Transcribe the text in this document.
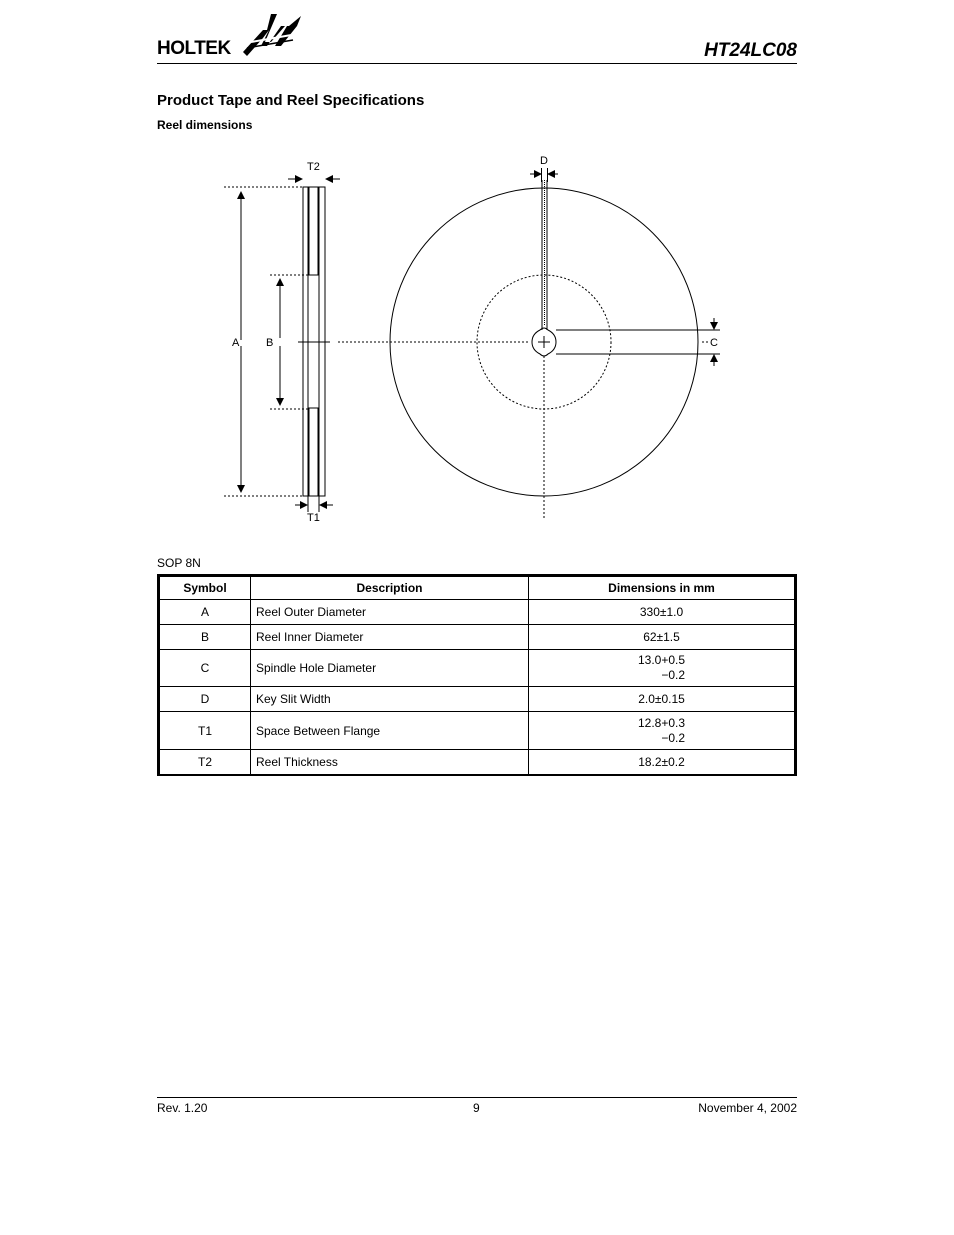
HOLTEK	HT24LC08
Product Tape and Reel Specifications
Reel dimensions
A B
T2
T1
C
D
SOP 8N
Symbol	Description	Dimensions in mm
A	Reel Outer Diameter	330±1.0
B	Reel Inner Diameter	62±1.5
C	Spindle Hole Diameter	13.0+0.5
−0.2

D	Key Slit Width	2.0±0.15
T1	Space Between Flange	12.8+0.3
−0.2

T2	Reel Thickness	18.2±0.2
Rev. 1.20	9	November 4, 2002
